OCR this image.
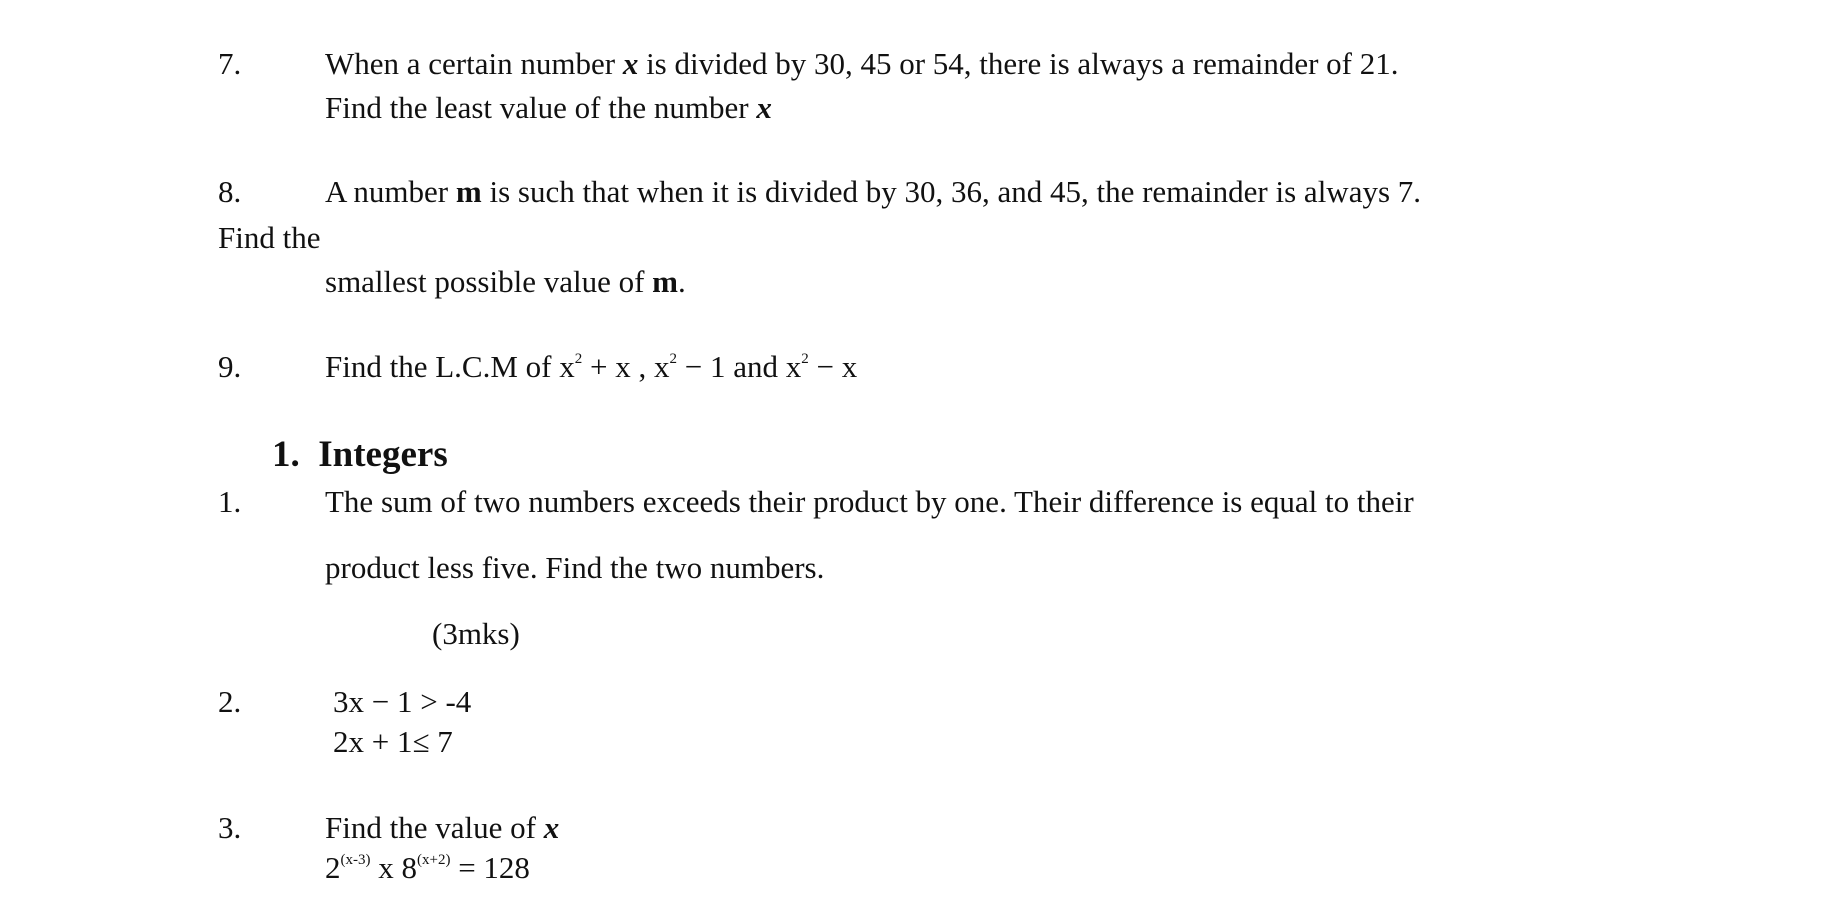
7.	When a certain number x is divided by 30, 45 or 54, there is always a remainder of 21.
Find the least value of the number x
8.	A number m is such that when it is divided by 30, 36, and 45, the remainder is always 7.
Find the
smallest possible value of m.
9.	Find the L.C.M of $x^2 + x$ , $x^2 - 1$ and $x^2 - x$
1. Integers
1.	The sum of two numbers exceeds their product by one. Their difference is equal to their
product less five. Find the two numbers.
(3mks)
2.	3x − 1 > -4
2x + 1≤ 7
3.	Find the value of x
2$^{(x-3)}$ x $8^{(x+2)} = 128$
